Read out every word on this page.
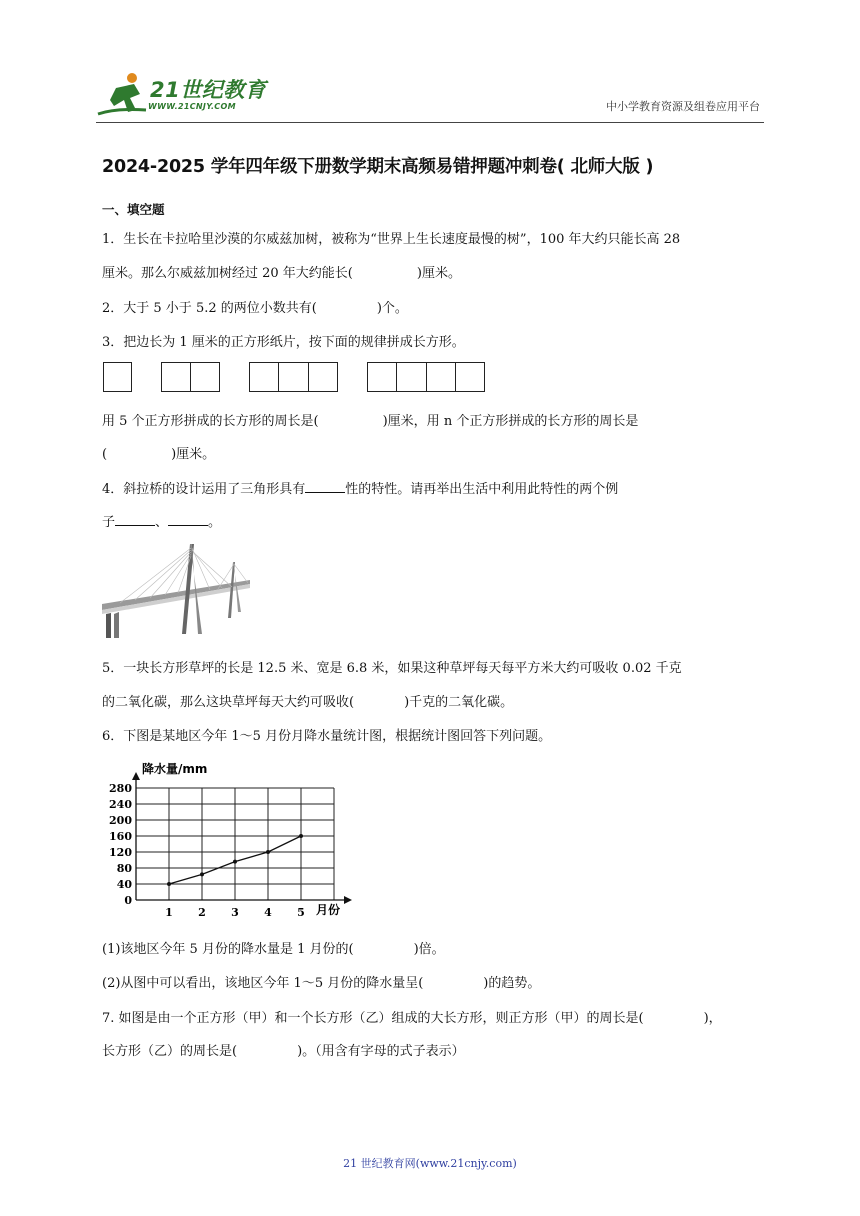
21世纪教育
WWW.21CNJY.COM	中小学教育资源及组卷应用平台
2024-2025 学年四年级下册数学期末高频易错押题冲刺卷( 北师大版 )
一、填空题
1．生长在卡拉哈里沙漠的尔威兹加树，被称为“世界上生长速度最慢的树”，100 年大约只能长高 28
厘米。那么尔威兹加树经过 20 年大约能长(	)厘米。
2．大于 5 小于 5.2 的两位小数共有(	)个。
3．把边长为 1 厘米的正方形纸片，按下面的规律拼成长方形。
用 5 个正方形拼成的长方形的周长是(	)厘米，用 n 个正方形拼成的长方形的周长是
(	)厘米。
4．斜拉桥的设计运用了三角形具有	性的特性。请再举出生活中利用此特性的两个例
子	、	。
5．一块长方形草坪的长是 12.5 米、宽是 6.8 米，如果这种草坪每天每平方米大约可吸收 0.02 千克
的二氧化碳，那么这块草坪每天大约可吸收(	)千克的二氧化碳。
6．下图是某地区今年 1～5 月份月降水量统计图，根据统计图回答下列问题。
0
40
80
120
160
200
240
280
1 2 3 4 5
降水量/mm
月份
(1)该地区今年 5 月份的降水量是 1 月份的(	)倍。
(2)从图中可以看出，该地区今年 1～5 月份的降水量呈(	)的趋势。
7. 如图是由一个正方形（甲）和一个长方形（乙）组成的大长方形，则正方形（甲）的周长是(	)，
长方形（乙）的周长是(	)。（用含有字母的式子表示）
21 世纪教育网(www.21cnjy.com)
